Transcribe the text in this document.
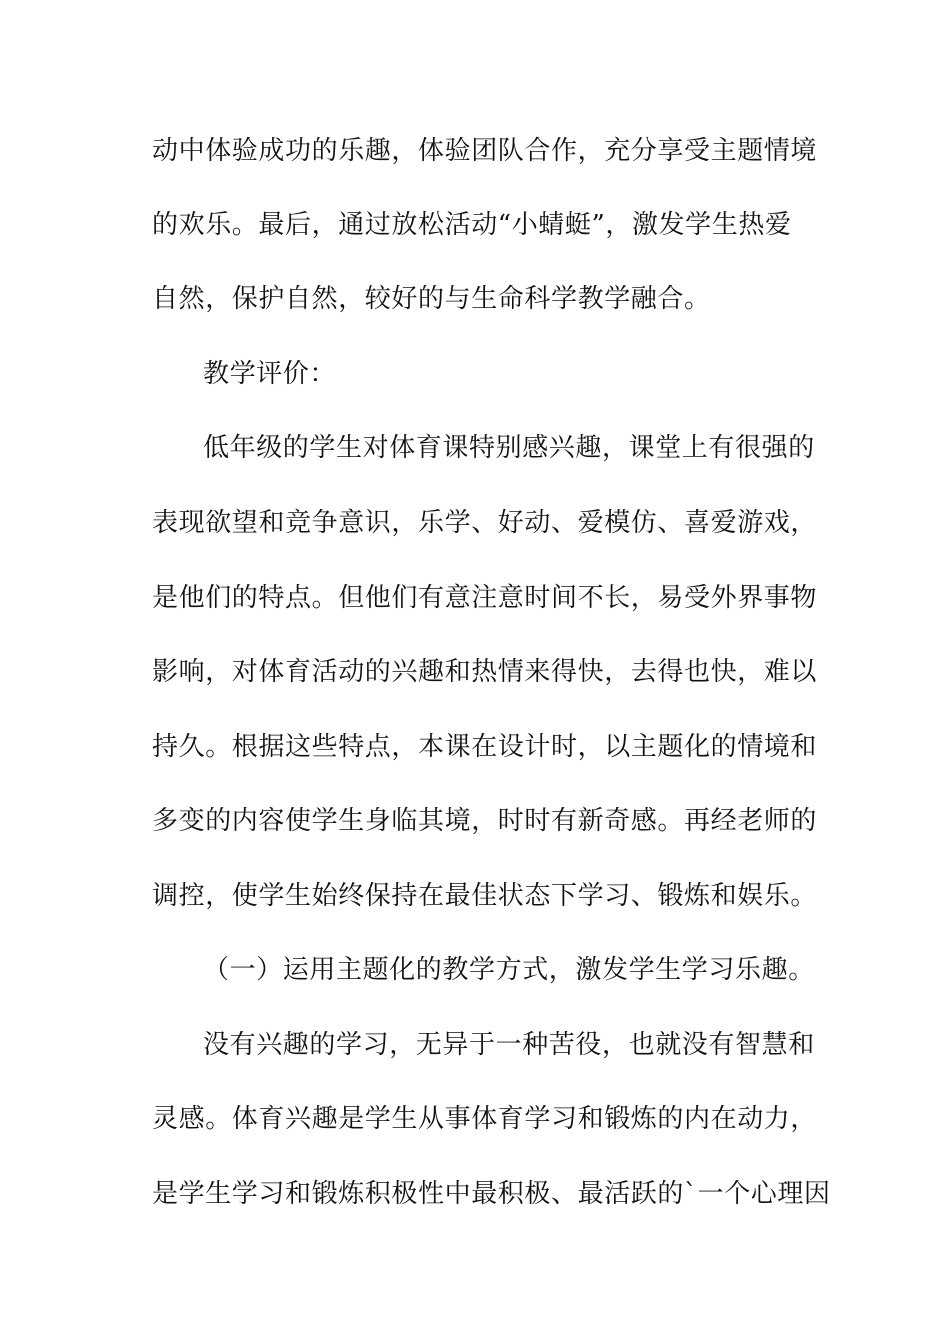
动中体验成功的乐趣，体验团队合作，充分享受主题情境
的欢乐。最后，通过放松活动“小蜻蜓”，激发学生热爱
自然，保护自然，较好的与生命科学教学融合。
教学评价：
低年级的学生对体育课特别感兴趣，课堂上有很强的
表现欲望和竞争意识，乐学、好动、爱模仿、喜爱游戏，
是他们的特点。但他们有意注意时间不长，易受外界事物
影响，对体育活动的兴趣和热情来得快，去得也快，难以
持久。根据这些特点，本课在设计时，以主题化的情境和
多变的内容使学生身临其境，时时有新奇感。再经老师的
调控，使学生始终保持在最佳状态下学习、锻炼和娱乐。
（一）运用主题化的教学方式，激发学生学习乐趣。
没有兴趣的学习，无异于一种苦役，也就没有智慧和
灵感。体育兴趣是学生从事体育学习和锻炼的内在动力，
是学生学习和锻炼积极性中最积极、最活跃的`一个心理因
